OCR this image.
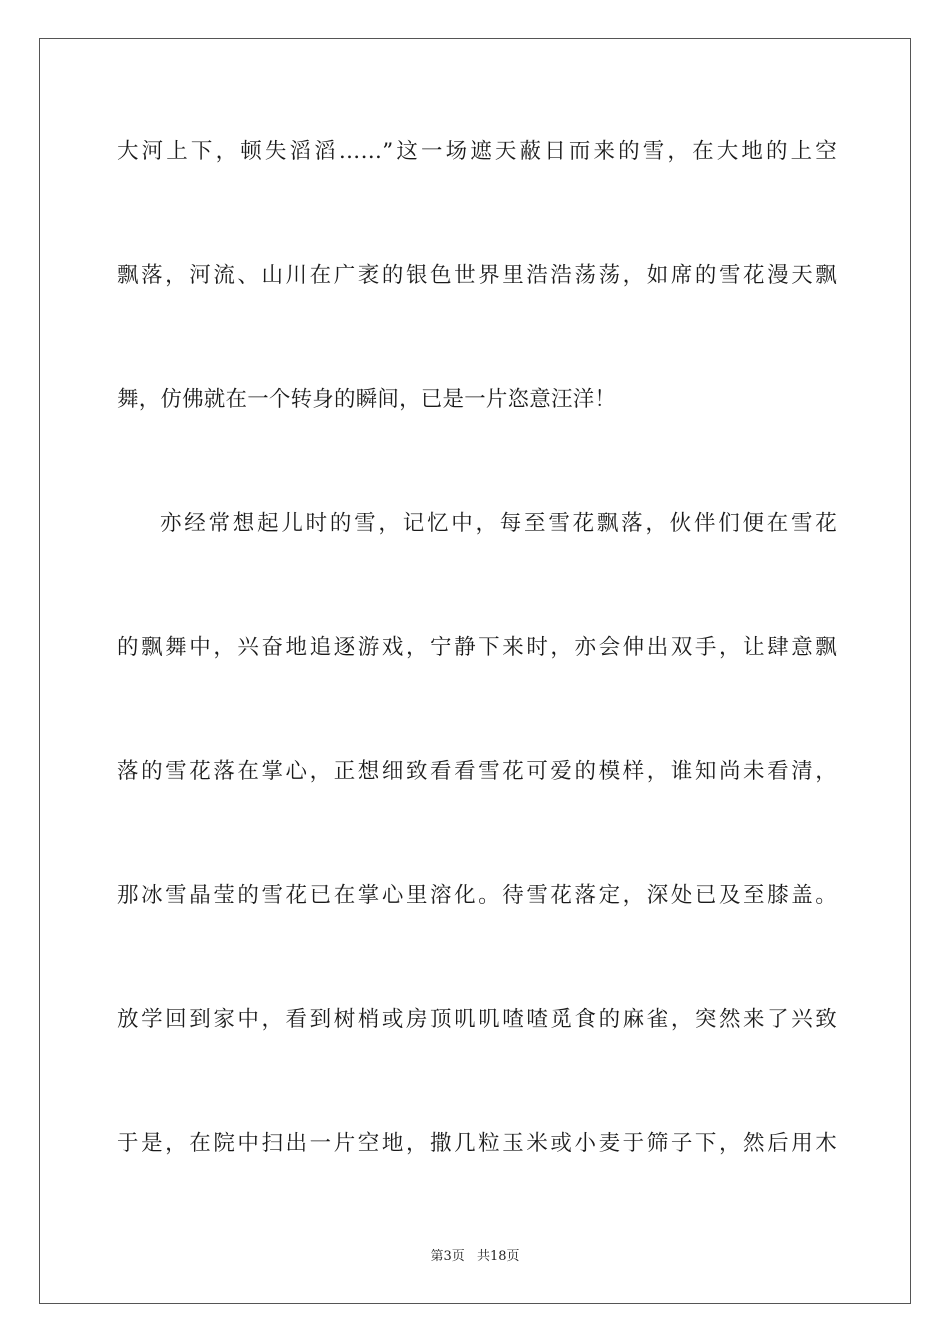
大河上下，顿失滔滔……”这一场遮天蔽日而来的雪，在大地的上空
飘落，河流、山川在广袤的银色世界里浩浩荡荡，如席的雪花漫天飘
舞，仿佛就在一个转身的瞬间，已是一片恣意汪洋！
亦经常想起儿时的雪，记忆中，每至雪花飘落，伙伴们便在雪花
的飘舞中，兴奋地追逐游戏，宁静下来时，亦会伸出双手，让肆意飘
落的雪花落在掌心，正想细致看看雪花可爱的模样，谁知尚未看清，
那冰雪晶莹的雪花已在掌心里溶化。待雪花落定，深处已及至膝盖。
放学回到家中，看到树梢或房顶叽叽喳喳觅食的麻雀，突然来了兴致
于是，在院中扫出一片空地，撒几粒玉米或小麦于筛子下，然后用木
第3页 共18页
